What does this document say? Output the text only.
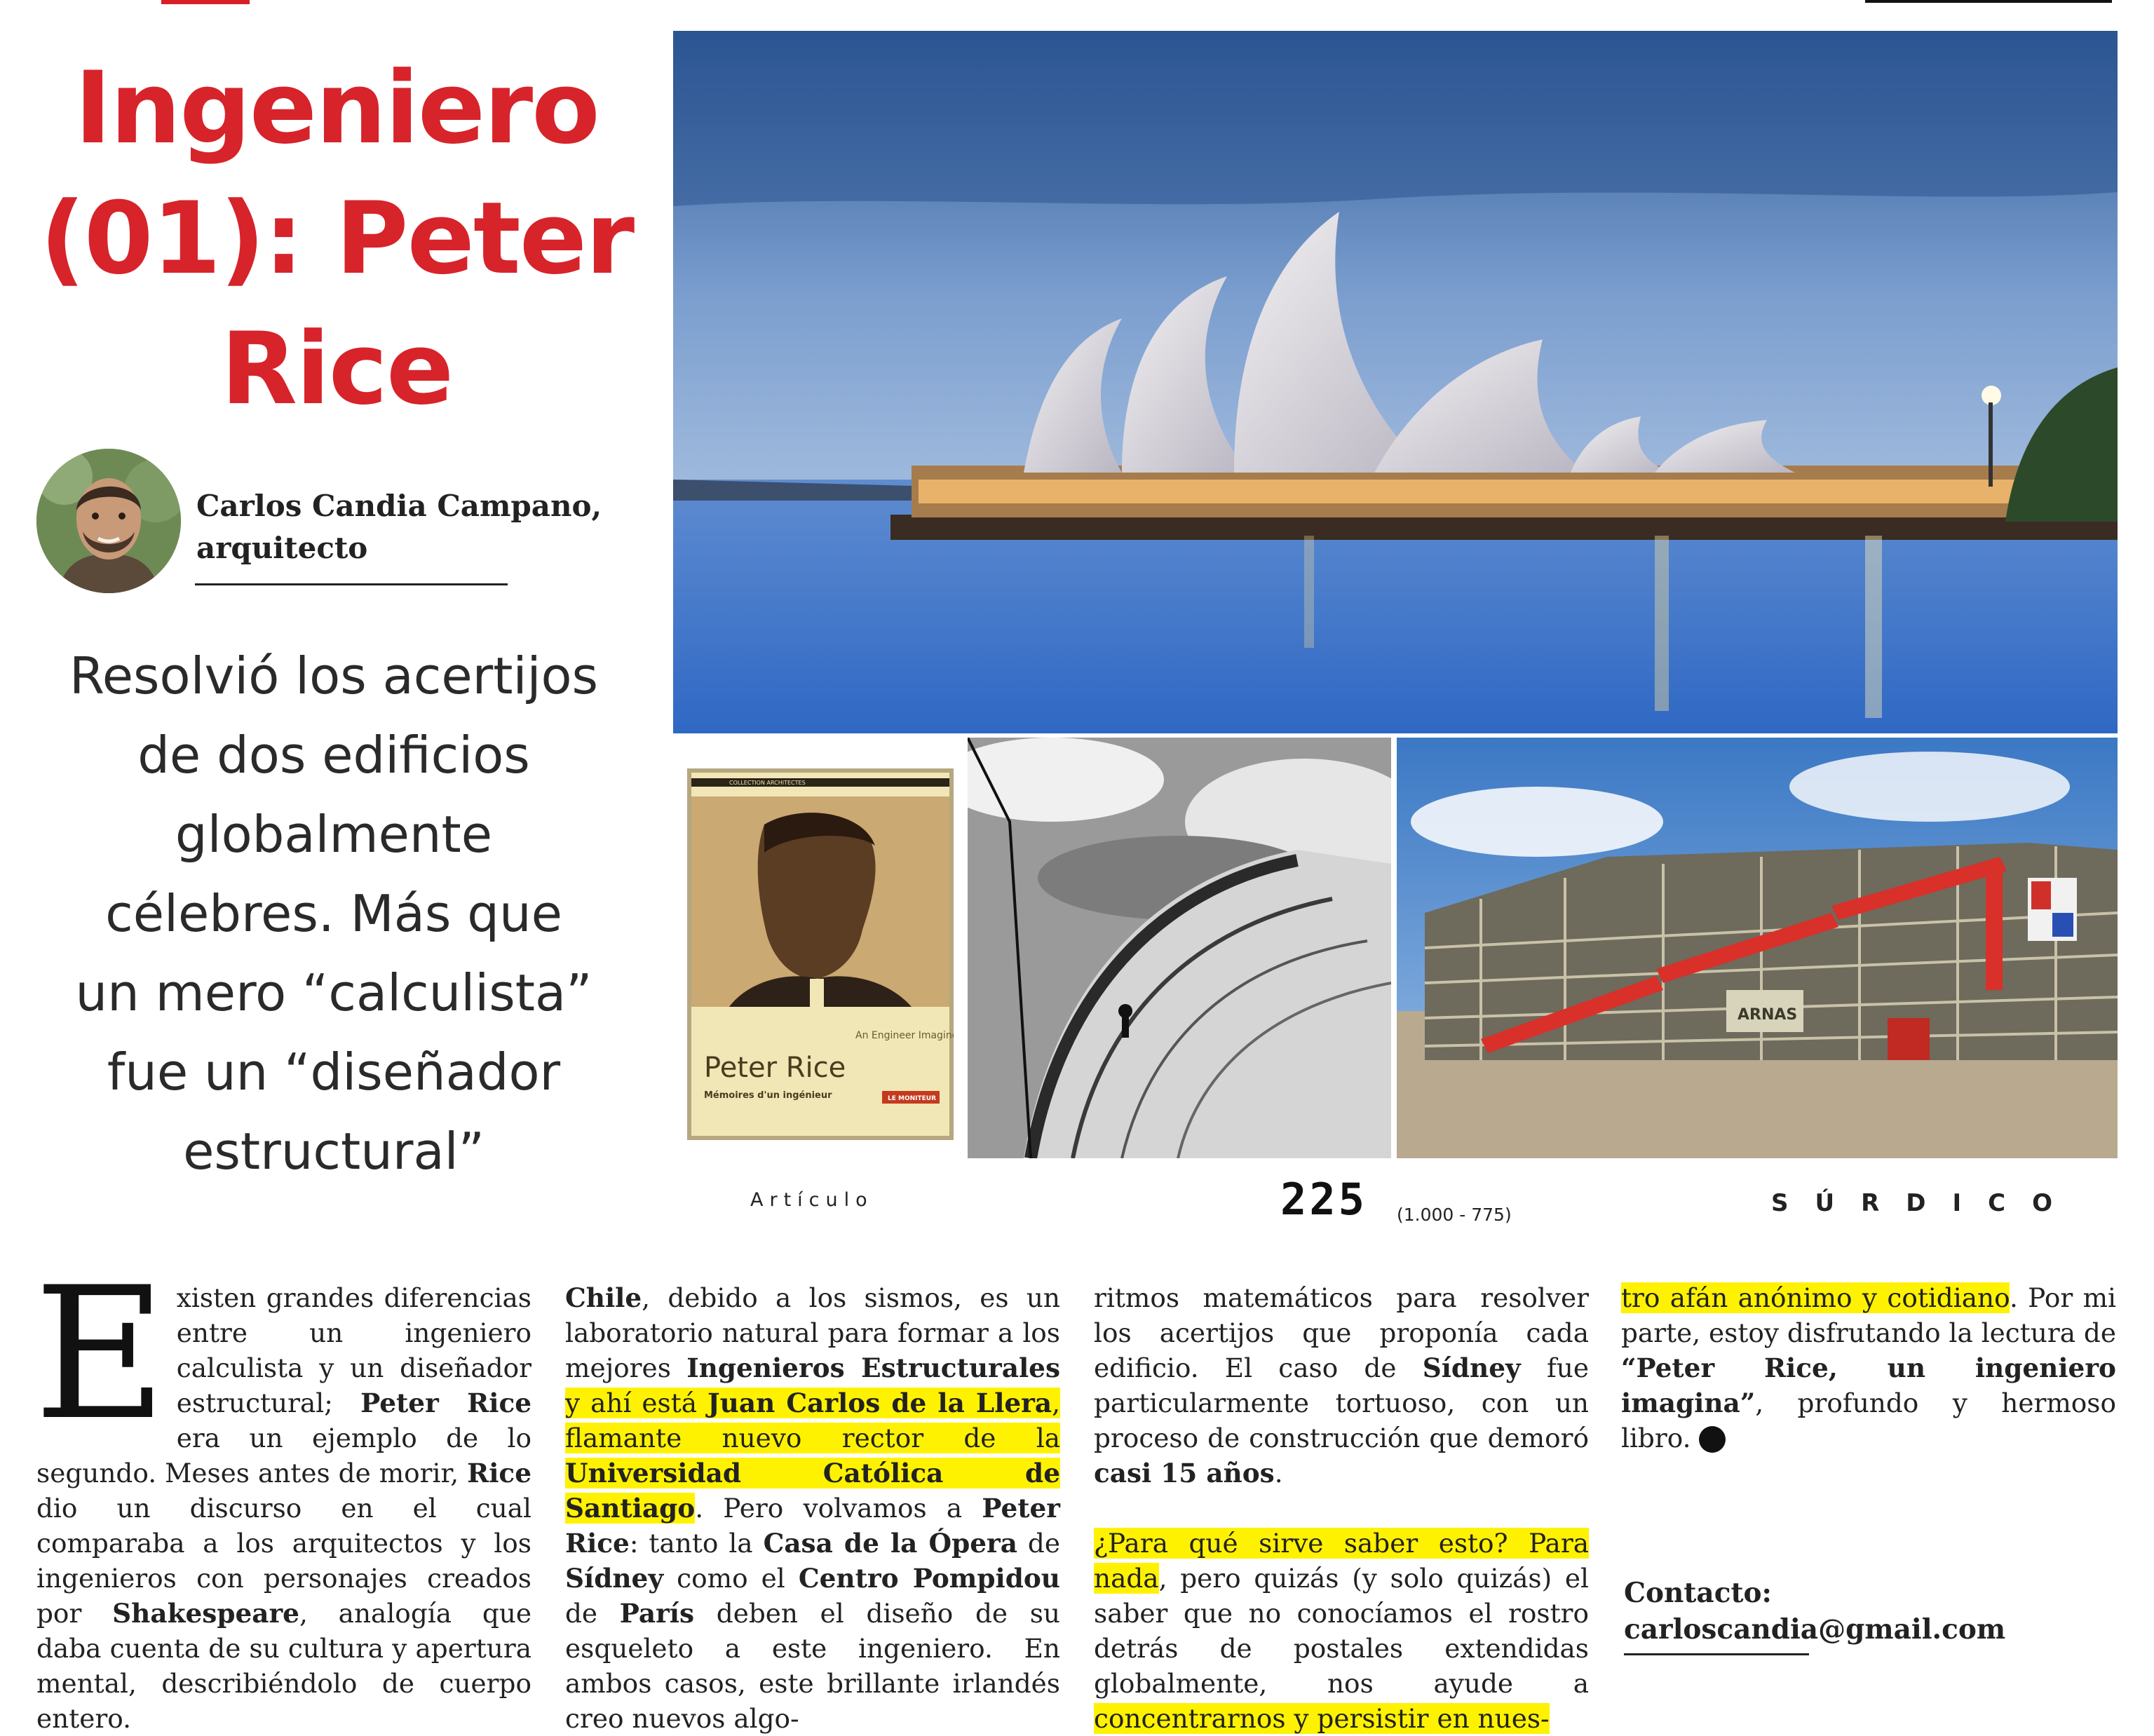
Ingeniero
(01): Peter
Rice
Carlos Candia Campano,
arquitecto
Resolvió los acertijos
de dos edificios
globalmente
célebres. Más que
un mero “calculista”
fue un “diseñador
estructural”
COLLECTION ARCHITECTES
An Engineer Imagines
Peter Rice
Mémoires d'un ingénieur	LE MONITEUR
ARNAS
Artículo	225 (1.000 - 775)	SÚRDICO

Existen grandes diferencias entre un ingeniero calculista y un diseñador estructural; Peter Rice era un ejemplo de lo segundo. Meses antes de morir, Rice dio un discurso en el cual comparaba a los arquitectos y los ingenieros con personajes creados por Shakespeare, analogía que daba cuenta de su cultura y apertura mental, describiéndolo de cuerpo entero.

Chile, debido a los sismos, es un laboratorio natural para formar a los mejores Ingenieros Estructurales y ahí está Juan Carlos de la Llera, flamante nuevo rector de la Universidad Católica de Santiago. Pero volvamos a Peter Rice: tanto la Casa de la Ópera de Sídney como el Centro Pompidou de París deben el diseño de su esqueleto a este ingeniero. En ambos casos, este brillante irlandés creo nuevos algo-

ritmos matemáticos para resolver los acertijos que proponía cada edificio. El caso de Sídney fue particularmente tortuoso, con un proceso de construcción que demoró casi 15 años.

¿Para qué sirve saber esto? Para nada, pero quizás (y solo quizás) el saber que no conocíamos el rostro detrás de postales extendidas globalmente, nos ayude a concentrarnos y persistir en nues-

tro afán anónimo y cotidiano. Por mi parte, estoy disfrutando la lectura de “Peter Rice, un ingeniero imagina”, profundo y hermoso libro.

Contacto:
carloscandia@gmail.com
